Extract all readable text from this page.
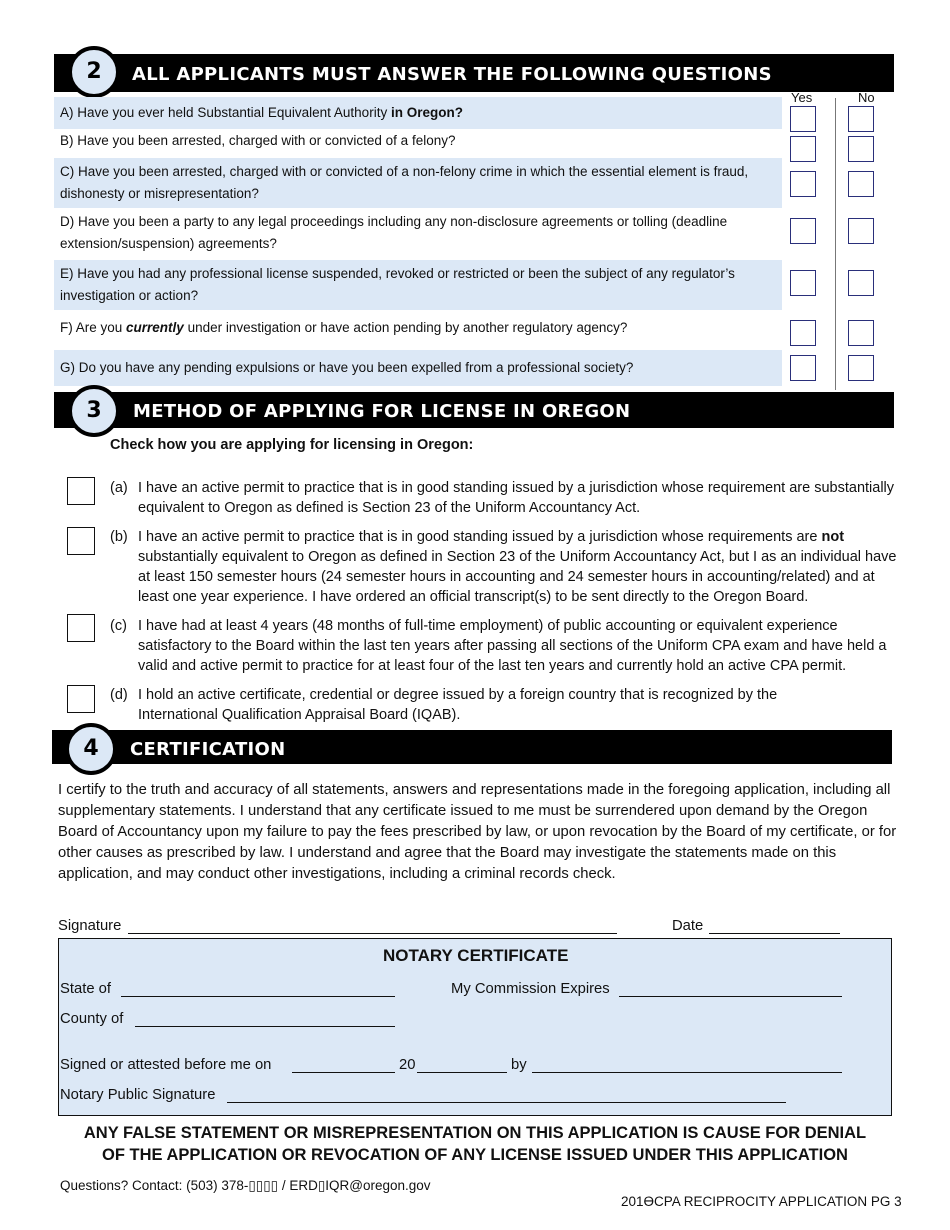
2	ALL APPLICANTS MUST ANSWER THE FOLLOWING QUESTIONS
Yes	No
A) Have you ever held Substantial Equivalent Authority in Oregon?
B) Have you been arrested, charged with or convicted of a felony?
C) Have you been arrested, charged with or convicted of a non-felony crime in which the essential element is fraud, dishonesty or misrepresentation?
D) Have you been a party to any legal proceedings including any non-disclosure agreements or tolling (deadline extension/suspension) agreements?
E) Have you had any professional license suspended, revoked or restricted or been the subject of any regulator’s investigation or action?
F) Are you currently under investigation or have action pending by another regulatory agency?
G) Do you have any pending expulsions or have you been expelled from a professional society?
3	METHOD OF APPLYING FOR LICENSE IN OREGON
Check how you are applying for licensing in Oregon:
(a) I have an active permit to practice that is in good standing issued by a jurisdiction whose requirement are substantially equivalent to Oregon as defined is Section 23 of the Uniform Accountancy Act.
(b) I have an active permit to practice that is in good standing issued by a jurisdiction whose requirements are not substantially equivalent to Oregon as defined in Section 23 of the Uniform Accountancy Act, but I as an individual have at least 150 semester hours (24 semester hours in accounting and 24 semester hours in accounting/related) and at least one year experience. I have ordered an official transcript(s) to be sent directly to the Oregon Board.
(c) I have had at least 4 years (48 months of full-time employment) of public accounting or equivalent experience satisfactory to the Board within the last ten years after passing all sections of the Uniform CPA exam and have held a valid and active permit to practice for at least four of the last ten years and currently hold an active CPA permit.
(d) I hold an active certificate, credential or degree issued by a foreign country that is recognized by the International Qualification Appraisal Board (IQAB).
4	CERTIFICATION
I certify to the truth and accuracy of all statements, answers and representations made in the foregoing application, including all supplementary statements. I understand that any certificate issued to me must be surrendered upon demand by the Oregon Board of Accountancy upon my failure to pay the fees prescribed by law, or upon revocation by the Board of my certificate, or for other causes as prescribed by law. I understand and agree that the Board may investigate the statements made on this application, and may conduct other investigations, including a criminal records check.
Signature	Date
NOTARY CERTIFICATE
State of	My Commission Expires
County of
Signed or attested before me on	20	by
Notary Public Signature
ANY FALSE STATEMENT OR MISREPRESENTATION ON THIS APPLICATION IS CAUSE FOR DENIAL
OF THE APPLICATION OR REVOCATION OF ANY LICENSE ISSUED UNDER THIS APPLICATION
Questions? Contact: (503) 378-▯▯▯▯ / ERD▯IQR@oregon.gov
201ƟCPA RECIPROCITY APPLICATION PG 3
